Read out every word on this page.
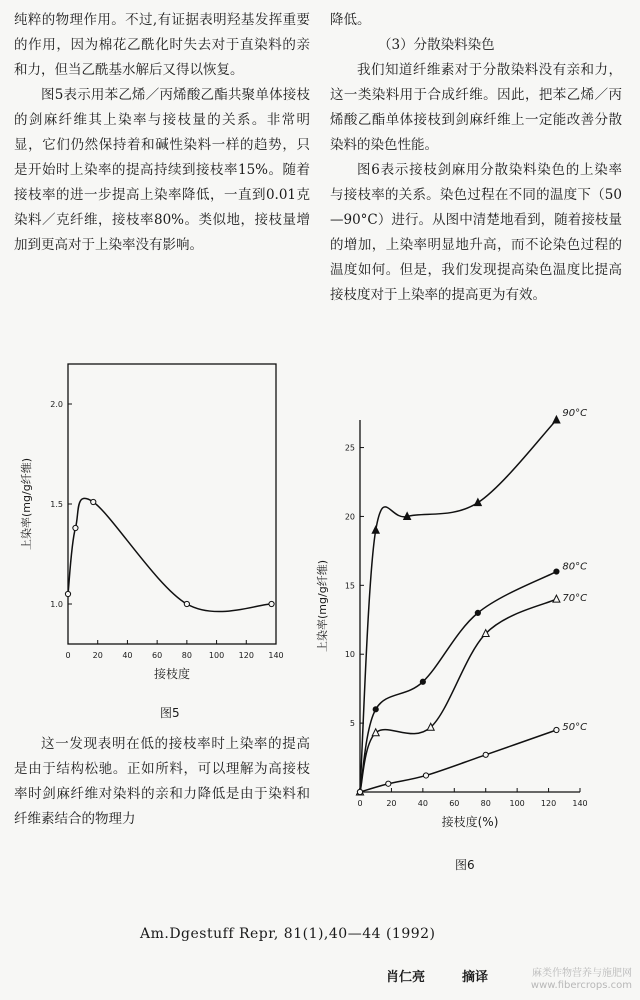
纯粹的物理作用。不过,有证据表明羟基发挥重要的作用，因为棉花乙酰化时失去对于直染料的亲和力，但当乙酰基水解后又得以恢复。

图5表示用苯乙烯／丙烯酸乙酯共聚单体接枝的剑麻纤维其上染率与接枝量的关系。非常明显，它们仍然保持着和碱性染料一样的趋势，只是开始时上染率的提高持续到接枝率15%。随着接枝率的进一步提高上染率降低，一直到0.01克染料／克纤维，接枝率80%。类似地，接枝量增加到更高对于上染率没有影响。

0	20 40 60 80 100 120 140
1.0
1.5
2.0
接枝度
上染率(mg/g纤维)
图5

这一发现表明在低的接枝率时上染率的提高是由于结构松驰。正如所料，可以理解为高接枝率时剑麻纤维对染料的亲和力降低是由于染料和纤维素结合的物理力

降低。

（3）分散染料染色

我们知道纤维素对于分散染料没有亲和力，这一类染料用于合成纤维。因此，把苯乙烯／丙烯酸乙酯单体接枝到剑麻纤维上一定能改善分散染料的染色性能。

图6表示接枝剑麻用分散染料染色的上染率与接枝率的关系。染色过程在不同的温度下（50—90°C）进行。从图中清楚地看到，随着接枝量的增加，上染率明显地升高，而不论染色过程的温度如何。但是，我们发现提高染色温度比提高接枝度对于上染率的提高更为有效。

0	20	40	60	80 100 120 140
5
10
15
20
25
接枝度(%)
上染率(mg/g纤维)
90°C
80°C
70°C
50°C
图6
Am.Dgestuff Repr, 81(1),40—44 (1992)
肖仁亮	摘译	麻类作物营养与施肥网
www.fibercrops.com
